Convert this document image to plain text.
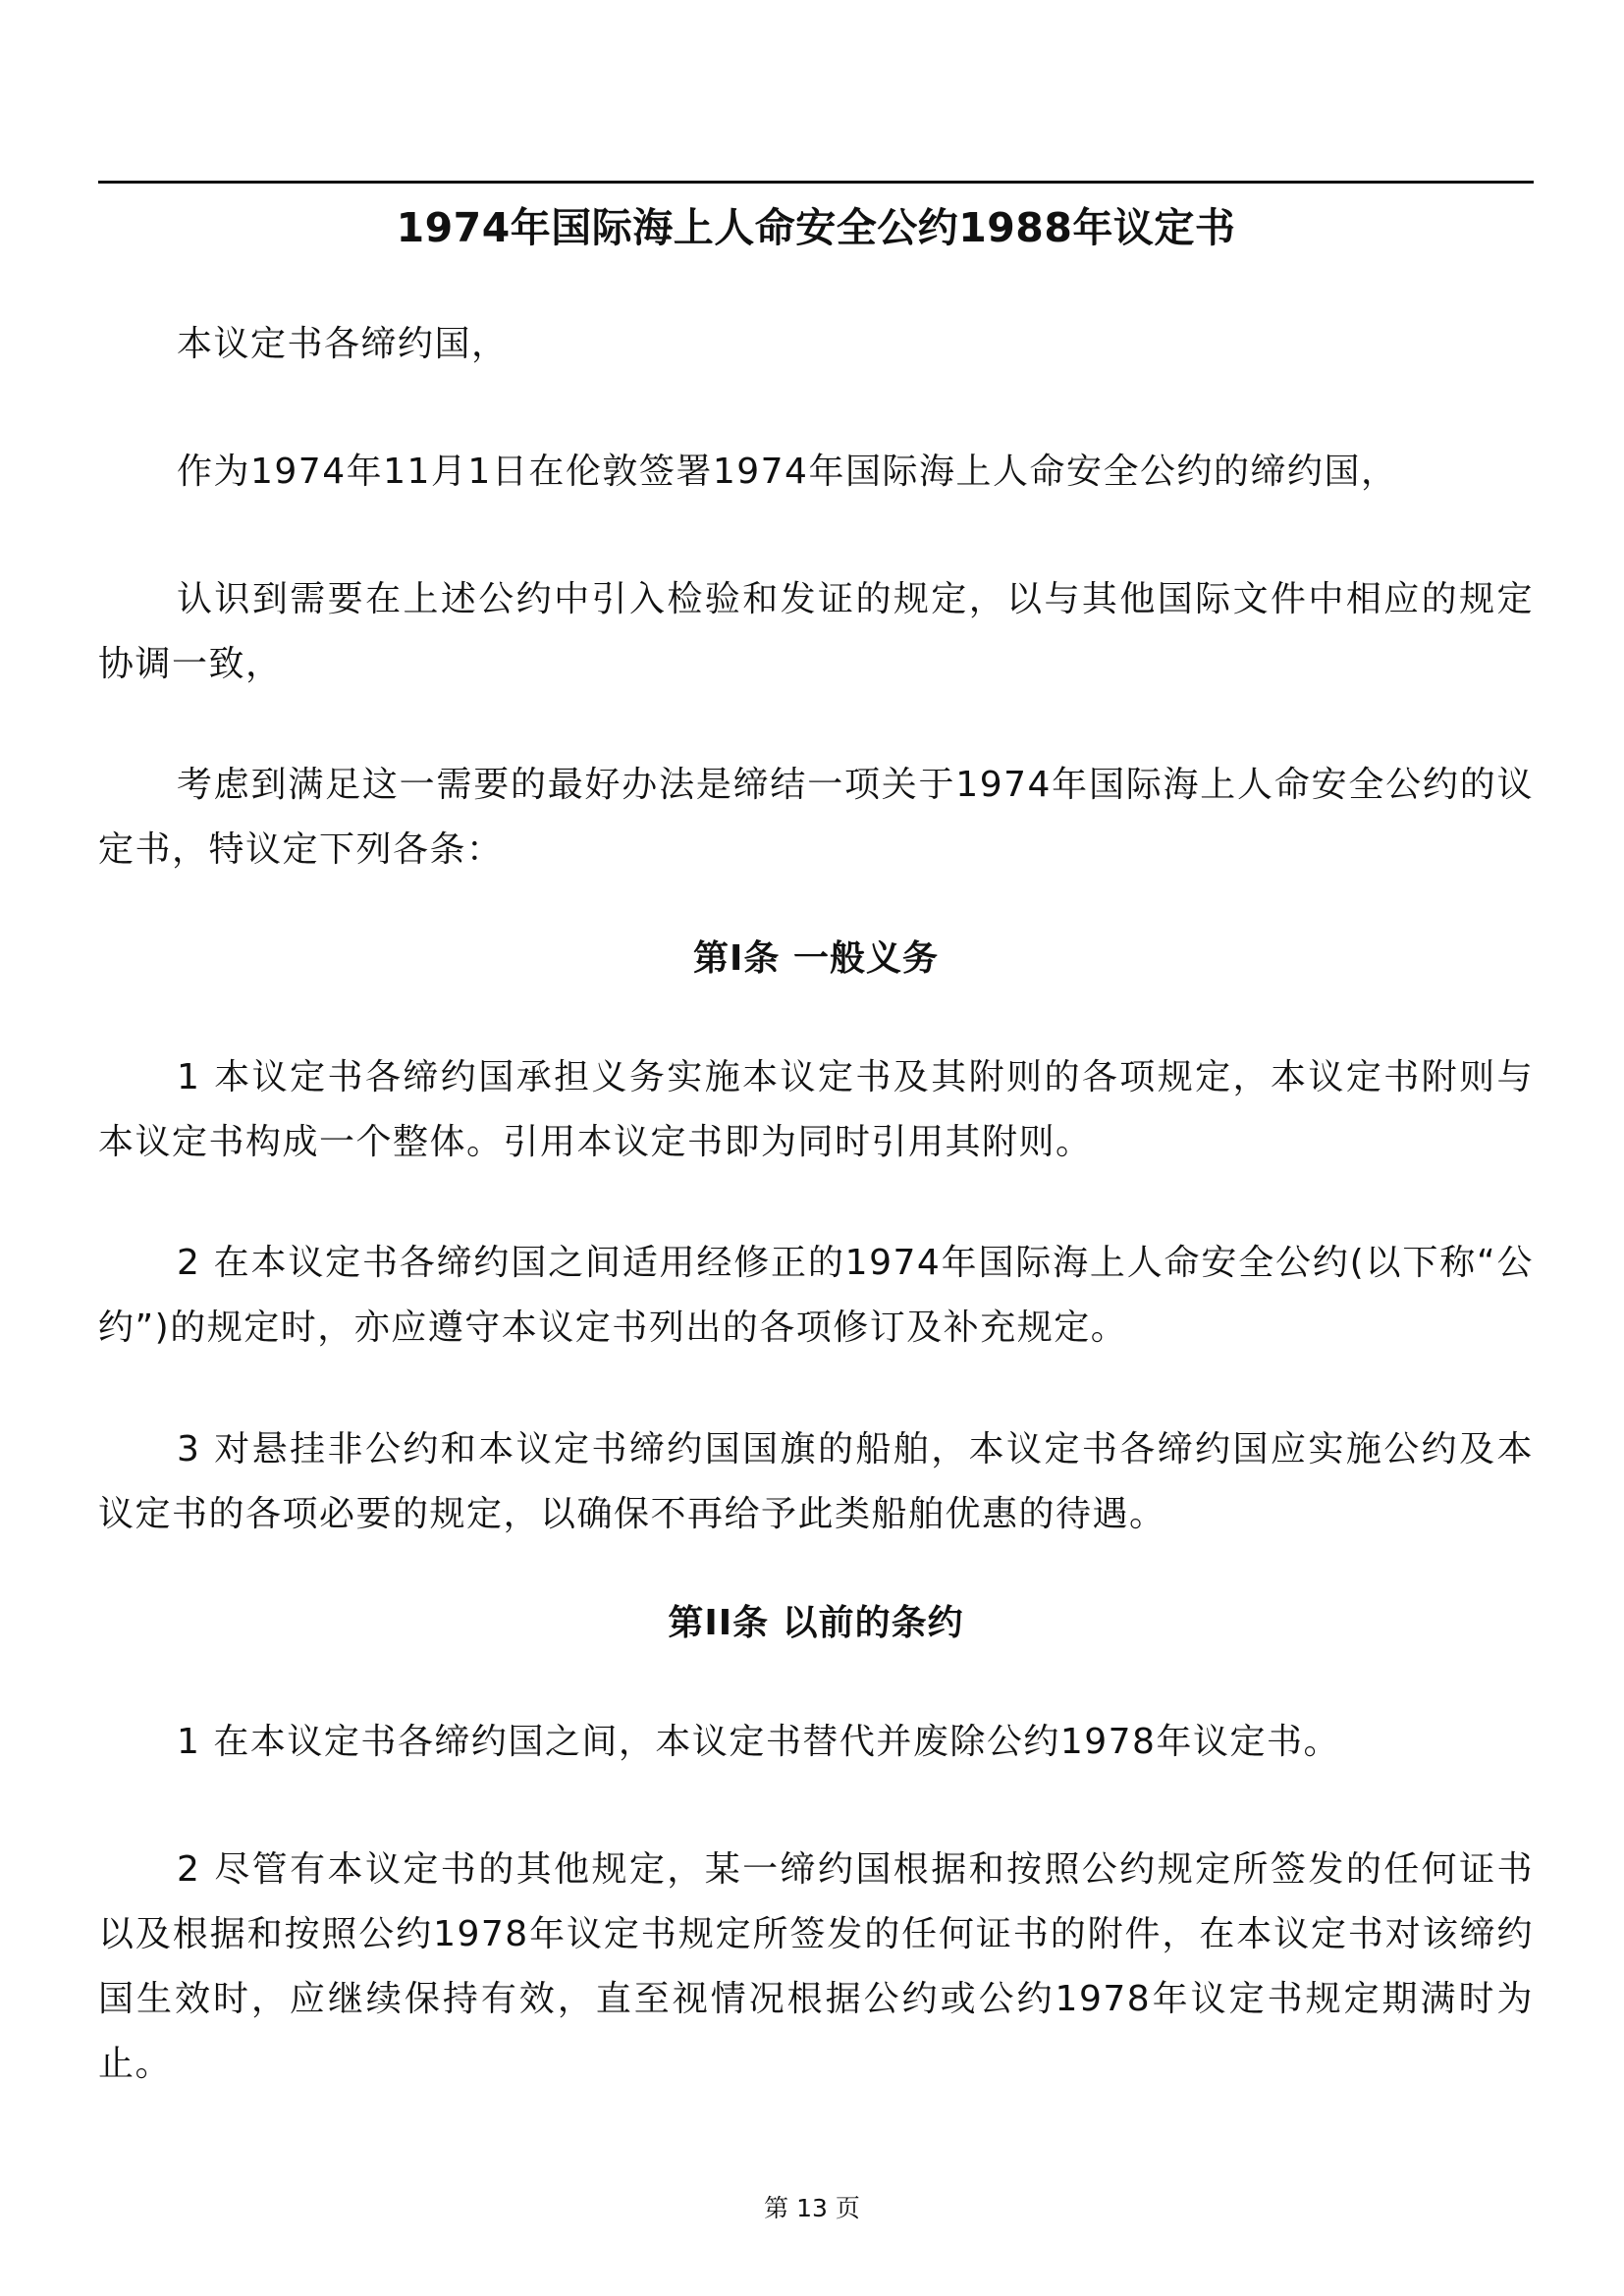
1974年国际海上人命安全公约1988年议定书
本议定书各缔约国，
作为1974年11月1日在伦敦签署1974年国际海上人命安全公约的缔约国，
认识到需要在上述公约中引入检验和发证的规定，以与其他国际文件中相应的规定协调一致，
考虑到满足这一需要的最好办法是缔结一项关于1974年国际海上人命安全公约的议定书，特议定下列各条：
第I条 一般义务
1 本议定书各缔约国承担义务实施本议定书及其附则的各项规定，本议定书附则与本议定书构成一个整体。引用本议定书即为同时引用其附则。
2 在本议定书各缔约国之间适用经修正的1974年国际海上人命安全公约(以下称“公约”)的规定时，亦应遵守本议定书列出的各项修订及补充规定。
3 对悬挂非公约和本议定书缔约国国旗的船舶，本议定书各缔约国应实施公约及本议定书的各项必要的规定，以确保不再给予此类船舶优惠的待遇。
第II条 以前的条约
1 在本议定书各缔约国之间，本议定书替代并废除公约1978年议定书。
2 尽管有本议定书的其他规定，某一缔约国根据和按照公约规定所签发的任何证书以及根据和按照公约1978年议定书规定所签发的任何证书的附件，在本议定书对该缔约国生效时，应继续保持有效，直至视情况根据公约或公约1978年议定书规定期满时为止。
第 13 页
